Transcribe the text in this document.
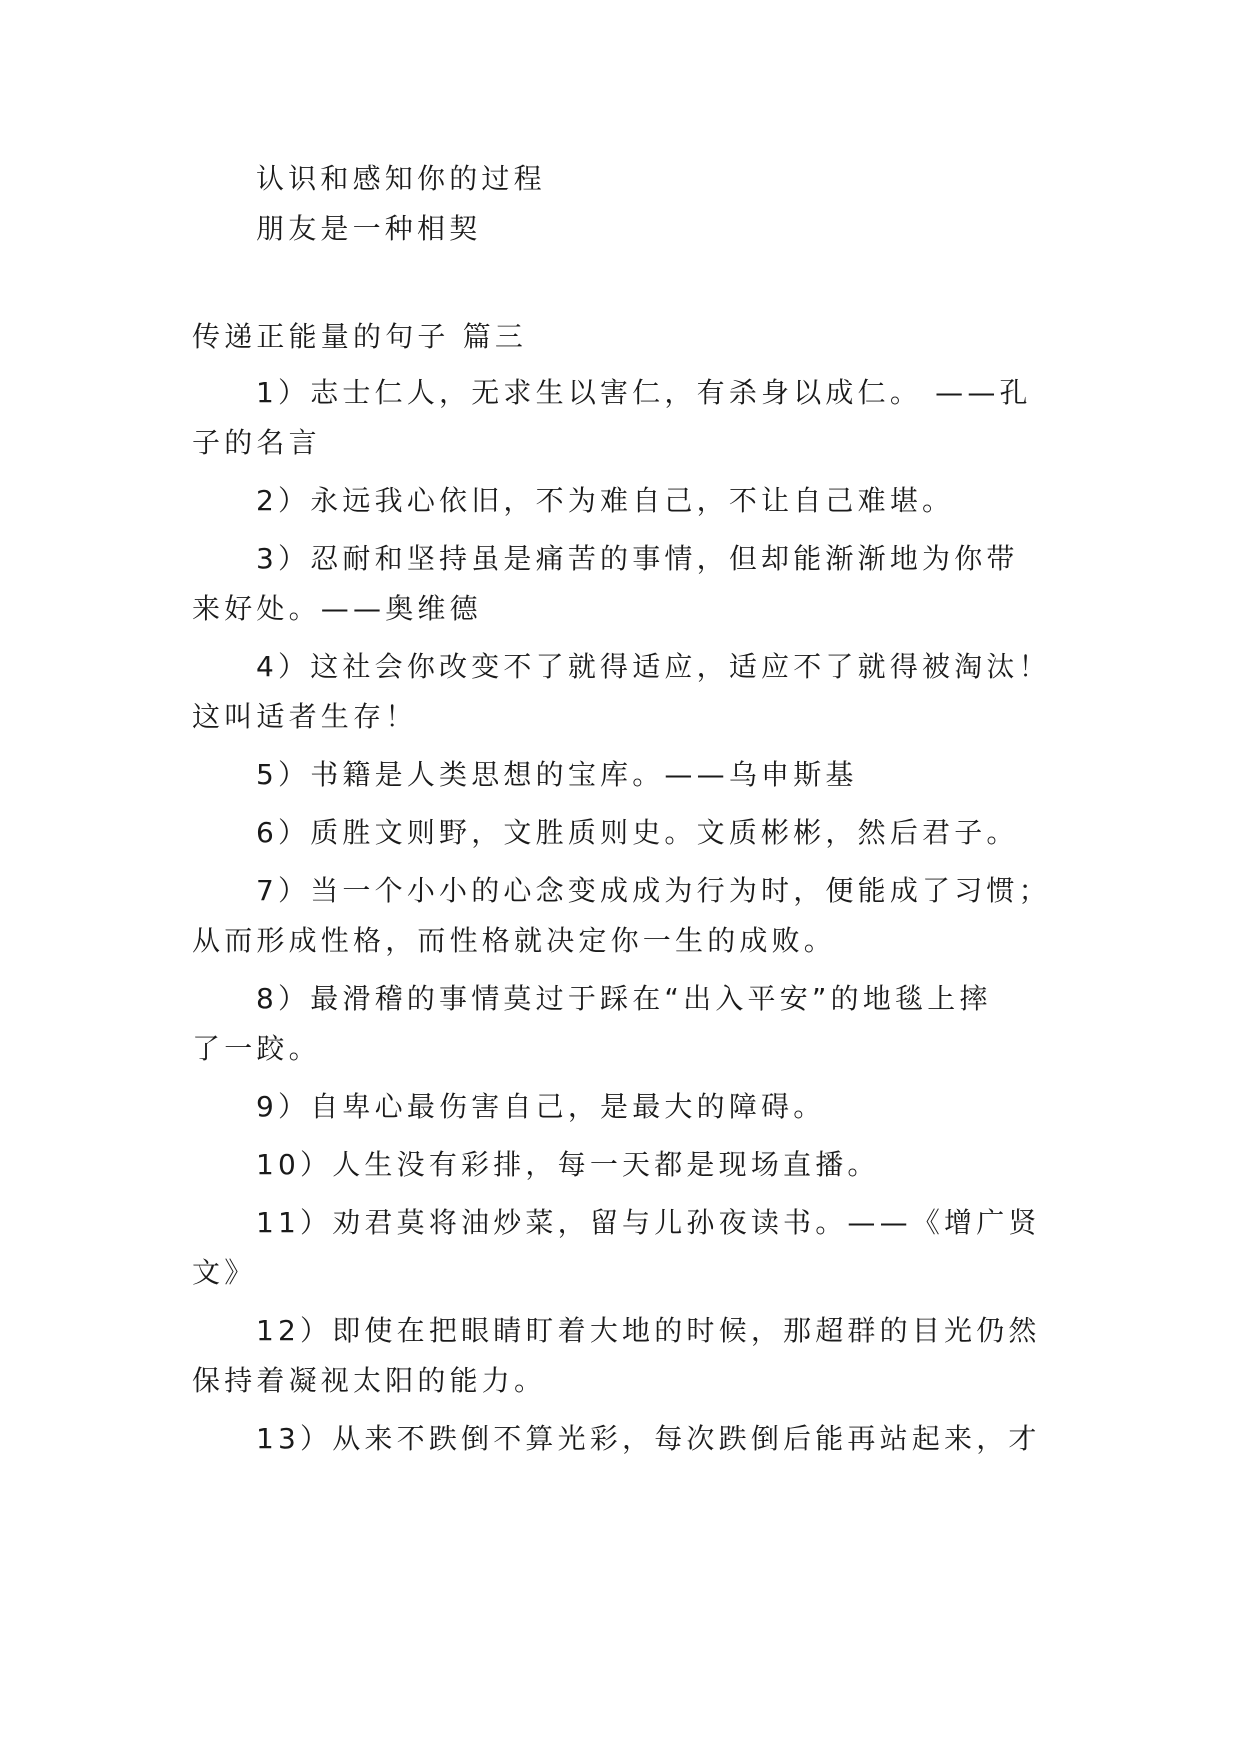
认识和感知你的过程
朋友是一种相契
传递正能量的句子 篇三
1）志士仁人，无求生以害仁，有杀身以成仁。 ——孔
子的名言
2）永远我心依旧，不为难自己，不让自己难堪。
3）忍耐和坚持虽是痛苦的事情，但却能渐渐地为你带
来好处。——奥维德
4）这社会你改变不了就得适应，适应不了就得被淘汰！
这叫适者生存！
5）书籍是人类思想的宝库。——乌申斯基
6）质胜文则野，文胜质则史。文质彬彬，然后君子。
7）当一个小小的心念变成成为行为时，便能成了习惯；
从而形成性格，而性格就决定你一生的成败。
8）最滑稽的事情莫过于踩在“出入平安”的地毯上摔
了一跤。
9）自卑心最伤害自己，是最大的障碍。
10）人生没有彩排，每一天都是现场直播。
11）劝君莫将油炒菜，留与儿孙夜读书。——《增广贤
文》
12）即使在把眼睛盯着大地的时候，那超群的目光仍然
保持着凝视太阳的能力。
13）从来不跌倒不算光彩，每次跌倒后能再站起来，才
